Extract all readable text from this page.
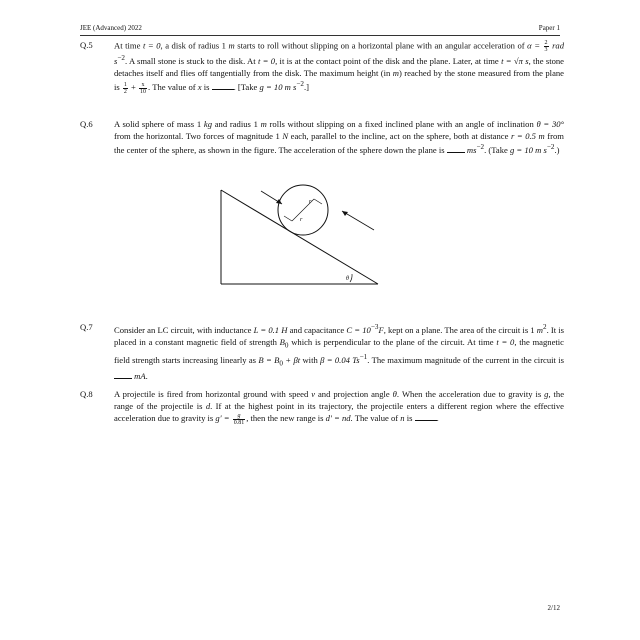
JEE (Advanced) 2022	Paper 1
Q.5 At time t = 0, a disk of radius 1 m starts to roll without slipping on a horizontal plane with an angular acceleration of $\alpha = \frac{2}{3}$ rad $s^{-2}$. A small stone is stuck to the disk. At t = 0, it is at the contact point of the disk and the plane. Later, at time t = √π s, the stone detaches itself and flies off tangentially from the disk. The maximum height (in m) reached by the stone measured from the plane is $\frac{1}{2} + \frac{x}{10}$ . The value of x is	. [Take g = 10 m $s^{-2}$.]
Q.6 A solid sphere of mass 1 kg and radius 1 m rolls without slipping on a fixed inclined plane with an angle of inclination θ = 30° from the horizontal. Two forces of magnitude 1 N each, parallel to the incline, act on the sphere, both at distance r = 0.5 m from the center of the sphere, as shown in the figure. The acceleration of the sphere down the plane is  $ms^{-2}$. (Take g = 10 m $s^{-2}$.)
θ
r
r
Q.7 Consider an LC circuit, with inductance L = 0.1 H and capacitance $C = 10^{-3}F$, kept on a plane. The area of the circuit is 1 $m^2$. It is placed in a constant magnetic field of strength $B_0$ which is perpendicular to the plane of the circuit. At time t = 0, the magnetic field strength starts increasing linearly as $B = B_0 + \beta t$ with β = 0.04 $Ts^{-1}$. The maximum magnitude of the current in the circuit is  mA.
Q.8 A projectile is fired from horizontal ground with speed v and projection angle θ. When the acceleration due to gravity is g, the range of the projectile is d. If at the highest point in its trajectory, the projectile enters a different region where the effective acceleration due to gravity is $g' = \frac{g}{0.81}$ , then the new range is d′ = nd. The value of n is	.
2/12
